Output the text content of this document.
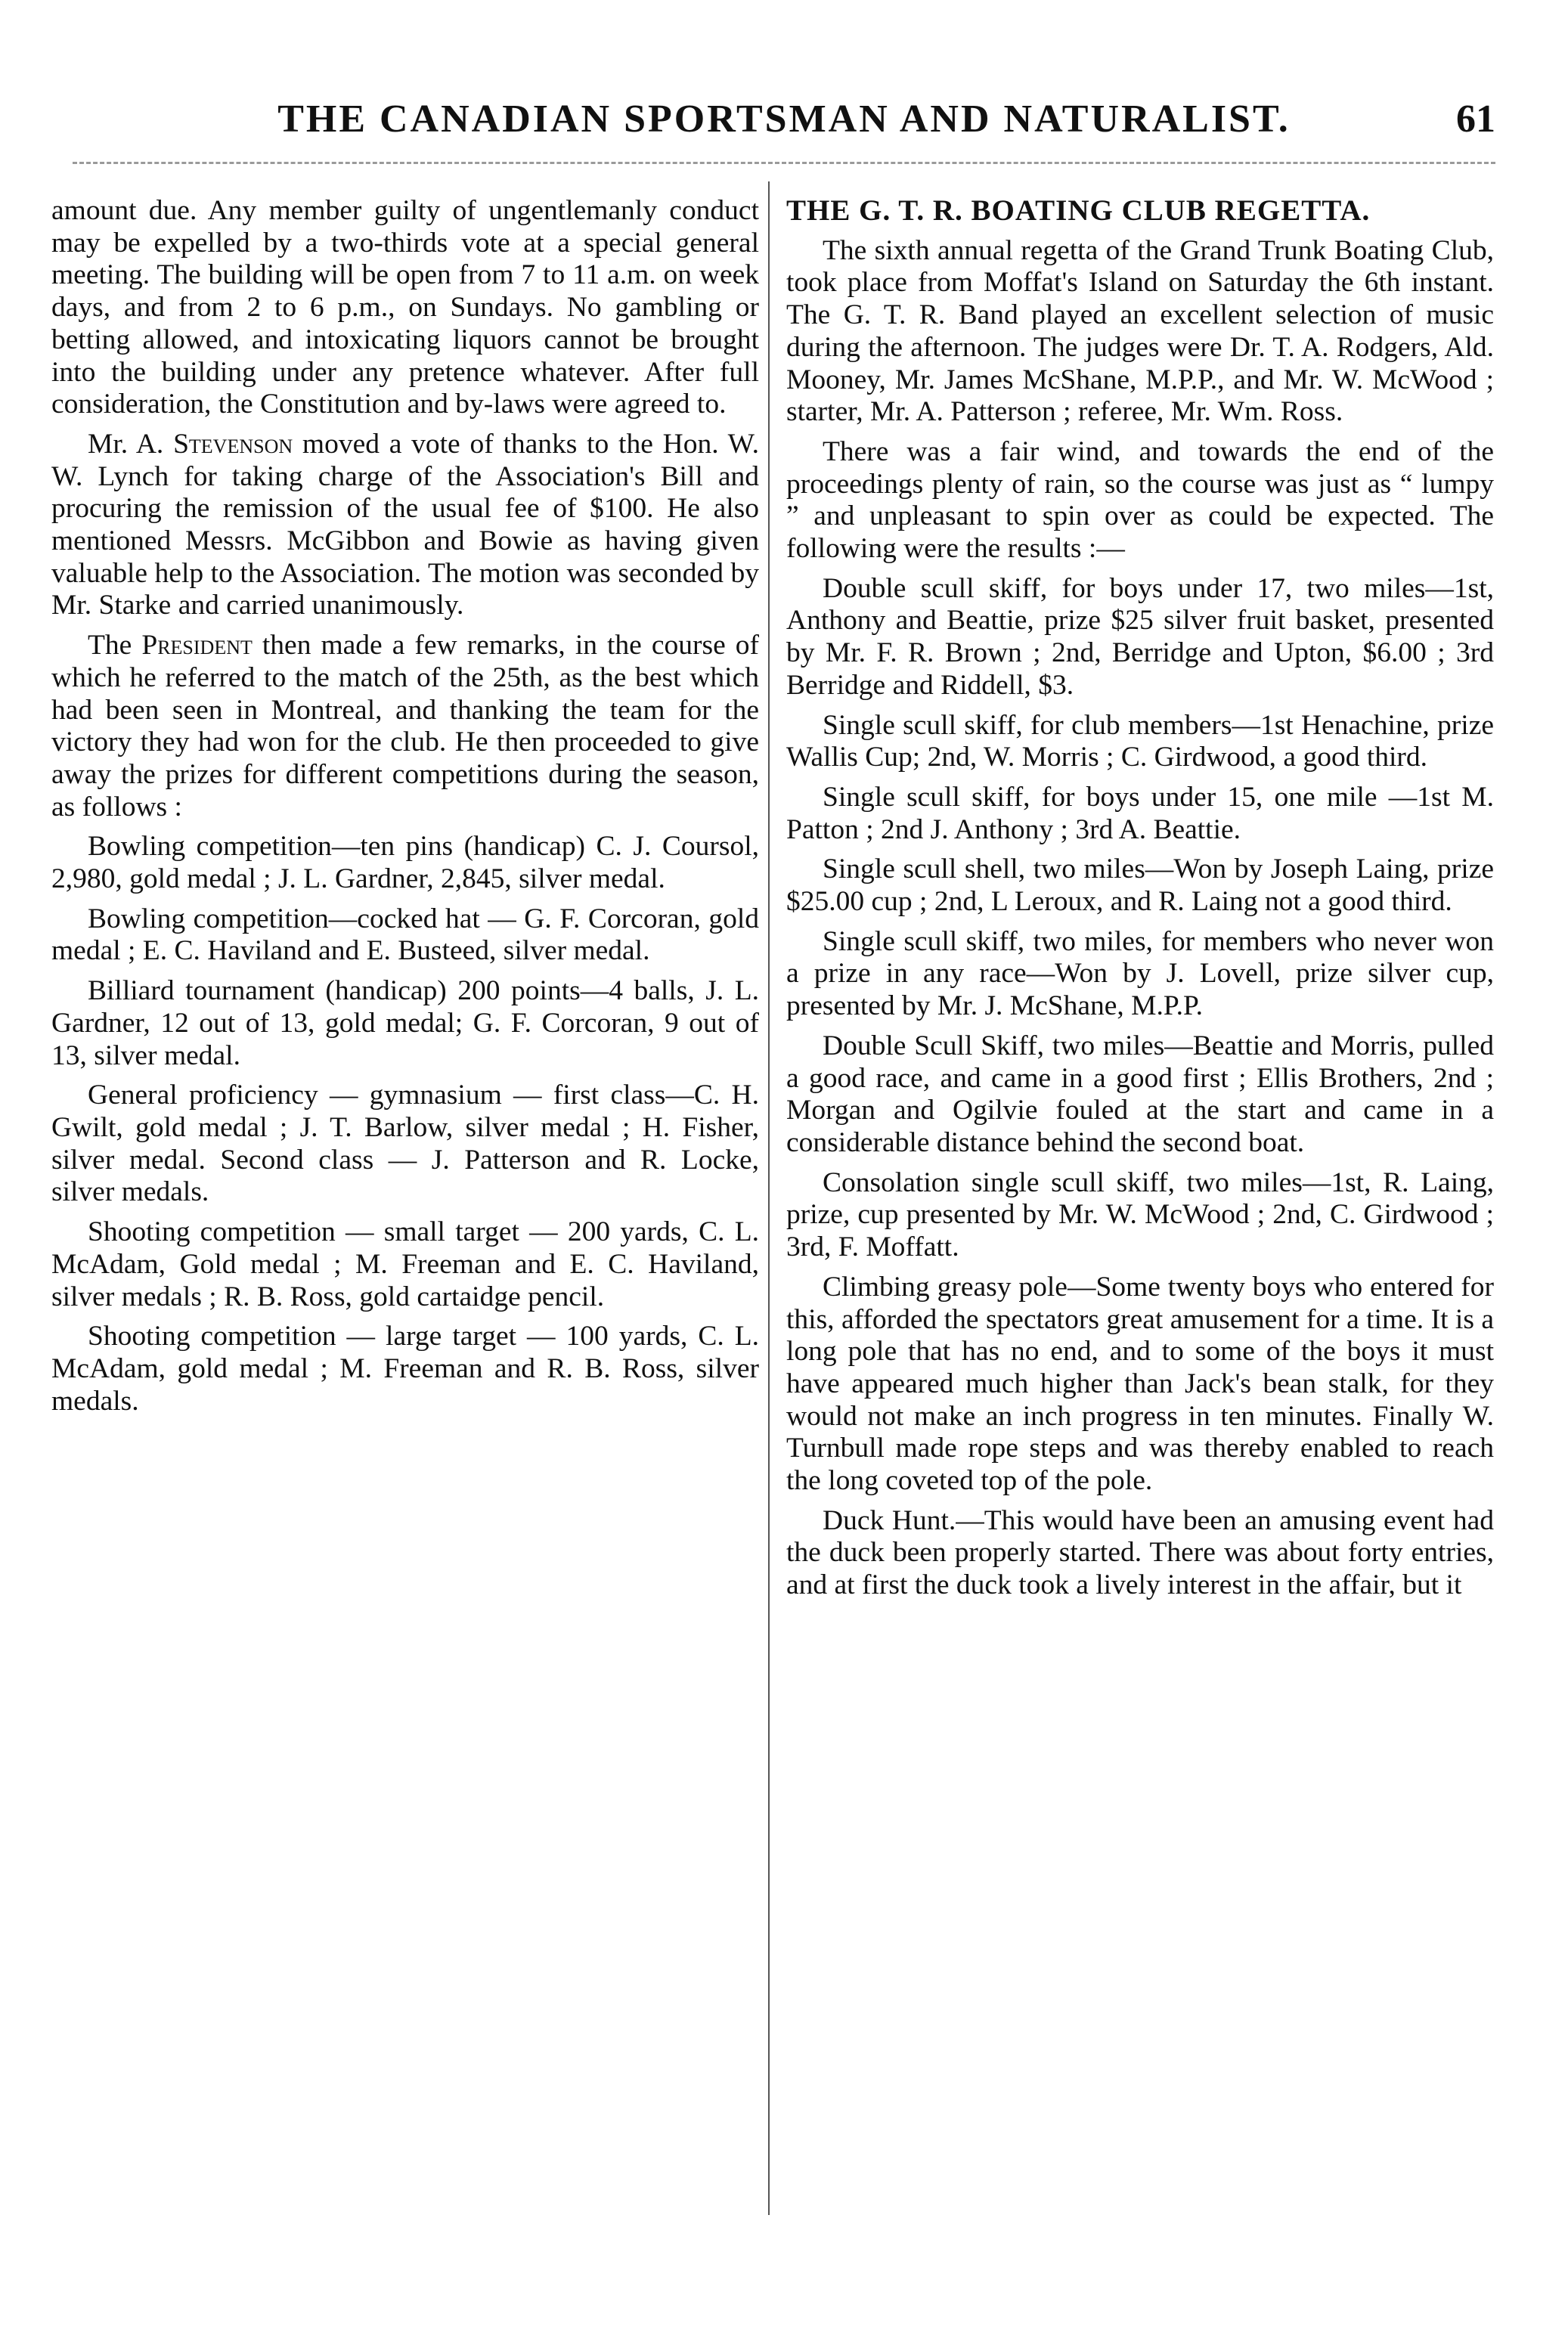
THE CANADIAN SPORTSMAN AND NATURALIST.	61

amount due. Any member guilty of ungentlemanly conduct may be expelled by a two-thirds vote at a special general meeting. The building will be open from 7 to 11 a.m. on week days, and from 2 to 6 p.m., on Sundays. No gambling or betting allowed, and intoxicating liquors cannot be brought into the building under any pretence whatever. After full consideration, the Constitution and by-laws were agreed to.

Mr. A. Stevenson moved a vote of thanks to the Hon. W. W. Lynch for taking charge of the Association's Bill and procuring the remission of the usual fee of $100. He also mentioned Messrs. McGibbon and Bowie as having given valuable help to the Association. The motion was seconded by Mr. Starke and carried unanimously.

The President then made a few remarks, in the course of which he referred to the match of the 25th, as the best which had been seen in Montreal, and thanking the team for the victory they had won for the club. He then proceeded to give away the prizes for different competitions during the season, as follows :

Bowling competition—ten pins (handicap) C. J. Coursol, 2,980, gold medal ; J. L. Gardner, 2,845, silver medal.

Bowling competition—cocked hat — G. F. Corcoran, gold medal ; E. C. Haviland and E. Busteed, silver medal.

Billiard tournament (handicap) 200 points—4 balls, J. L. Gardner, 12 out of 13, gold medal; G. F. Corcoran, 9 out of 13, silver medal.

General proficiency — gymnasium — first class—C. H. Gwilt, gold medal ; J. T. Barlow, silver medal ; H. Fisher, silver medal. Second class — J. Patterson and R. Locke, silver medals.

Shooting competition — small target — 200 yards, C. L. McAdam, Gold medal ; M. Freeman and E. C. Haviland, silver medals ; R. B. Ross, gold cartaidge pencil.

Shooting competition — large target — 100 yards, C. L. McAdam, gold medal ; M. Freeman and R. B. Ross, silver medals.

THE G. T. R. BOATING CLUB REGETTA.

The sixth annual regetta of the Grand Trunk Boating Club, took place from Moffat's Island on Saturday the 6th instant. The G. T. R. Band played an excellent selection of music during the afternoon. The judges were Dr. T. A. Rodgers, Ald. Mooney, Mr. James McShane, M.P.P., and Mr. W. McWood ; starter, Mr. A. Patterson ; referee, Mr. Wm. Ross.

There was a fair wind, and towards the end of the proceedings plenty of rain, so the course was just as “ lumpy ” and unpleasant to spin over as could be expected. The following were the results :—

Double scull skiff, for boys under 17, two miles—1st, Anthony and Beattie, prize $25 silver fruit basket, presented by Mr. F. R. Brown ; 2nd, Berridge and Upton, $6.00 ; 3rd Berridge and Riddell, $3.

Single scull skiff, for club members—1st Henachine, prize Wallis Cup; 2nd, W. Morris ; C. Girdwood, a good third.

Single scull skiff, for boys under 15, one mile —1st M. Patton ; 2nd J. Anthony ; 3rd A. Beattie.

Single scull shell, two miles—Won by Joseph Laing, prize $25.00 cup ; 2nd, L Leroux, and R. Laing not a good third.

Single scull skiff, two miles, for members who never won a prize in any race—Won by J. Lovell, prize silver cup, presented by Mr. J. McShane, M.P.P.

Double Scull Skiff, two miles—Beattie and Morris, pulled a good race, and came in a good first ; Ellis Brothers, 2nd ; Morgan and Ogilvie fouled at the start and came in a considerable distance behind the second boat.

Consolation single scull skiff, two miles—1st, R. Laing, prize, cup presented by Mr. W. McWood ; 2nd, C. Girdwood ; 3rd, F. Moffatt.

Climbing greasy pole—Some twenty boys who entered for this, afforded the spectators great amusement for a time. It is a long pole that has no end, and to some of the boys it must have appeared much higher than Jack's bean stalk, for they would not make an inch progress in ten minutes. Finally W. Turnbull made rope steps and was thereby enabled to reach the long coveted top of the pole.

Duck Hunt.—This would have been an amusing event had the duck been properly started. There was about forty entries, and at first the duck took a lively interest in the affair, but it
